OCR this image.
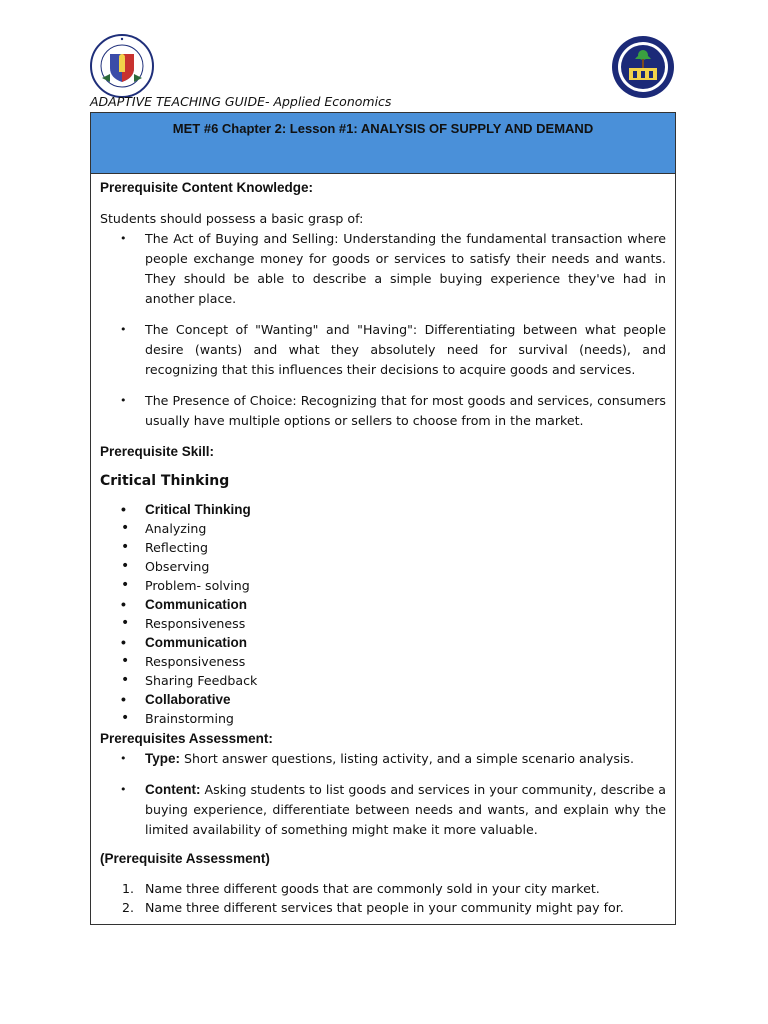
ADAPTIVE TEACHING GUIDE- Applied Economics
MET #6 Chapter 2: Lesson #1: ANALYSIS OF SUPPLY AND DEMAND
Prerequisite Content Knowledge:
Students should possess a basic grasp of:
• The Act of Buying and Selling: Understanding the fundamental transaction where people exchange money for goods or services to satisfy their needs and wants. They should be able to describe a simple buying experience they've had in another place.
• The Concept of "Wanting" and "Having": Differentiating between what people desire (wants) and what they absolutely need for survival (needs), and recognizing that this influences their decisions to acquire goods and services.
• The Presence of Choice: Recognizing that for most goods and services, consumers usually have multiple options or sellers to choose from in the market.
Prerequisite Skill:
Critical Thinking
• Critical Thinking
• Analyzing
• Reflecting
• Observing
• Problem- solving
• Communication
• Responsiveness
• Communication
• Responsiveness
• Sharing Feedback
• Collaborative
• Brainstorming
Prerequisites Assessment:
• Type: Short answer questions, listing activity, and a simple scenario analysis.
• Content: Asking students to list goods and services in your community, describe a buying experience, differentiate between needs and wants, and explain why the limited availability of something might make it more valuable.
(Prerequisite Assessment)
1. Name three different goods that are commonly sold in your city market.
2. Name three different services that people in your community might pay for.
